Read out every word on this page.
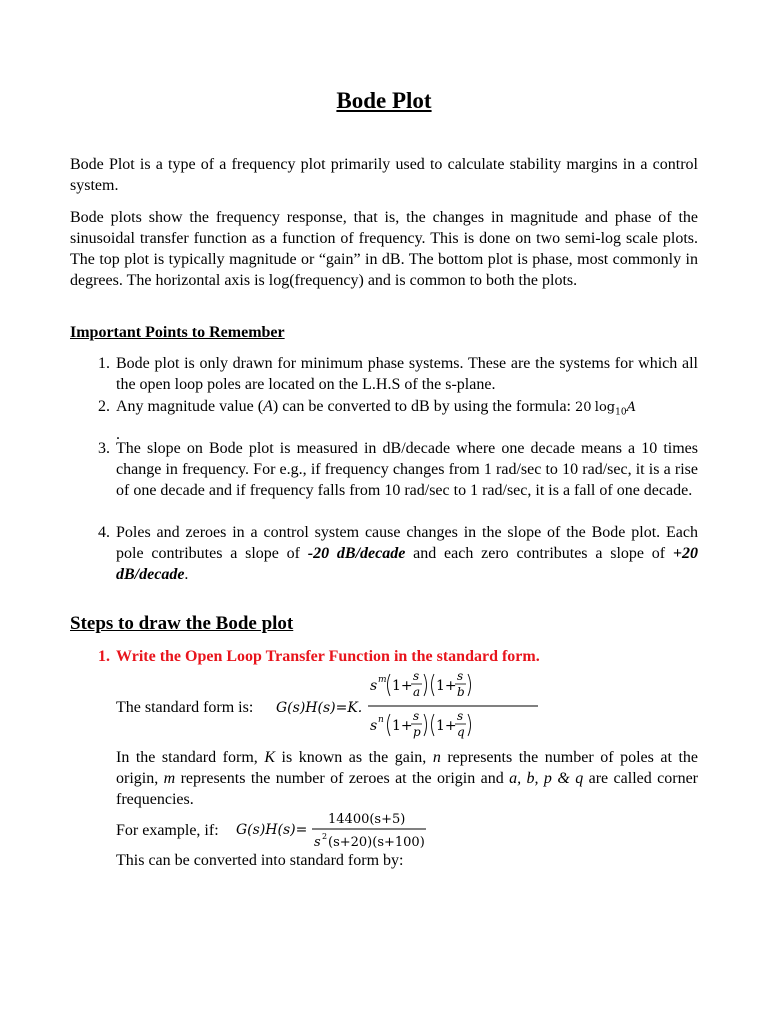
Bode Plot

Bode Plot is a type of a frequency plot primarily used to calculate stability margins in a control system.

Bode plots show the frequency response, that is, the changes in magnitude and phase of the sinusoidal transfer function as a function of frequency. This is done on two semi-log scale plots. The top plot is typically magnitude or “gain” in dB. The bottom plot is phase, most commonly in degrees. The horizontal axis is log(frequency) and is common to both the plots.

Important Points to Remember

1. Bode plot is only drawn for minimum phase systems. These are the systems for which all the open loop poles are located on the L.H.S of the s-plane.
2. Any magnitude value (A) can be converted to dB by using the formula: 20 $\log_{10}A$
.
3. The slope on Bode plot is measured in dB/decade where one decade means a 10 times change in frequency. For e.g., if frequency changes from 1 rad/sec to 10 rad/sec, it is a rise of one decade and if frequency falls from 10 rad/sec to 1 rad/sec, it is a fall of one decade.
4. Poles and zeroes in a control system cause changes in the slope of the Bode plot. Each pole contributes a slope of -20 dB/decade and each zero contributes a slope of +20 dB/decade.

Steps to draw the Bode plot

1. Write the Open Loop Transfer Function in the standard form.
The standard form is: G(s)H(s)=K.
s m 1+
s
a 1+
s
b
s n 1+
s
p 1+
s
q

In the standard form, K is known as the gain, n represents the number of poles at the origin, m represents the number of zeroes at the origin and a, b, p & q are called corner frequencies.

For example, if: G(s)H(s)=
14400(s+5)
s 2 (s+20)(s+100)
This can be converted into standard form by:
